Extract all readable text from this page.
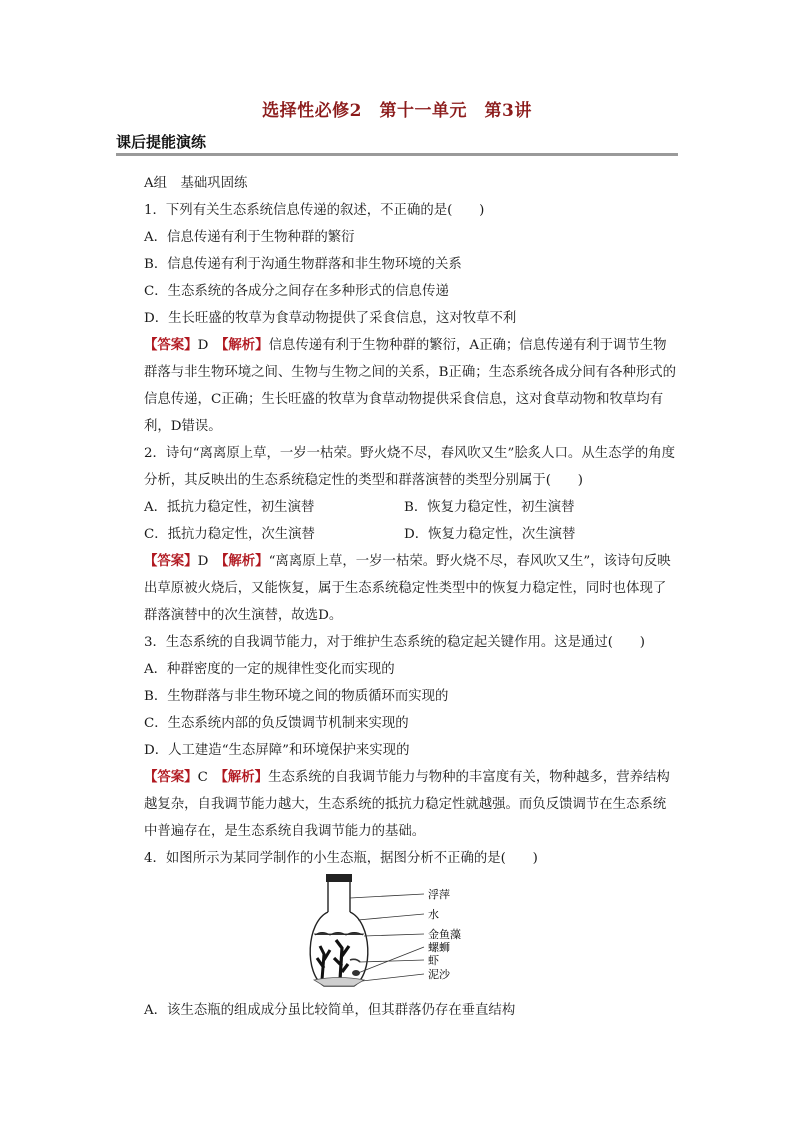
选择性必修2　第十一单元　第3讲
课后提能演练

A组　基础巩固练

1．下列有关生态系统信息传递的叙述，不正确的是(　　)

A．信息传递有利于生物种群的繁衍

B．信息传递有利于沟通生物群落和非生物环境的关系

C．生态系统的各成分之间存在多种形式的信息传递

D．生长旺盛的牧草为食草动物提供了采食信息，这对牧草不利

【答案】D　【解析】信息传递有利于生物种群的繁衍，A正确；信息传递有利于调节生物群落与非生物环境之间、生物与生物之间的关系，B正确；生态系统各成分间有各种形式的信息传递，C正确；生长旺盛的牧草为食草动物提供采食信息，这对食草动物和牧草均有利，D错误。

2．诗句“离离原上草，一岁一枯荣。野火烧不尽，春风吹又生”脍炙人口。从生态学的角度分析，其反映出的生态系统稳定性的类型和群落演替的类型分别属于(　　)

A．抵抗力稳定性，初生演替	B．恢复力稳定性，初生演替
C．抵抗力稳定性，次生演替	D．恢复力稳定性，次生演替

【答案】D　【解析】“离离原上草，一岁一枯荣。野火烧不尽，春风吹又生”，该诗句反映出草原被火烧后，又能恢复，属于生态系统稳定性类型中的恢复力稳定性，同时也体现了群落演替中的次生演替，故选D。

3．生态系统的自我调节能力，对于维护生态系统的稳定起关键作用。这是通过(　　)

A．种群密度的一定的规律性变化而实现的

B．生物群落与非生物环境之间的物质循环而实现的

C．生态系统内部的负反馈调节机制来实现的

D．人工建造“生态屏障”和环境保护来实现的

【答案】C　【解析】生态系统的自我调节能力与物种的丰富度有关，物种越多，营养结构越复杂，自我调节能力越大，生态系统的抵抗力稳定性就越强。而负反馈调节在生态系统中普遍存在，是生态系统自我调节能力的基础。

4．如图所示为某同学制作的小生态瓶，据图分析不正确的是(　　)

浮萍
水
金鱼藻
螺蛳
虾
泥沙

A．该生态瓶的组成成分虽比较简单，但其群落仍存在垂直结构
